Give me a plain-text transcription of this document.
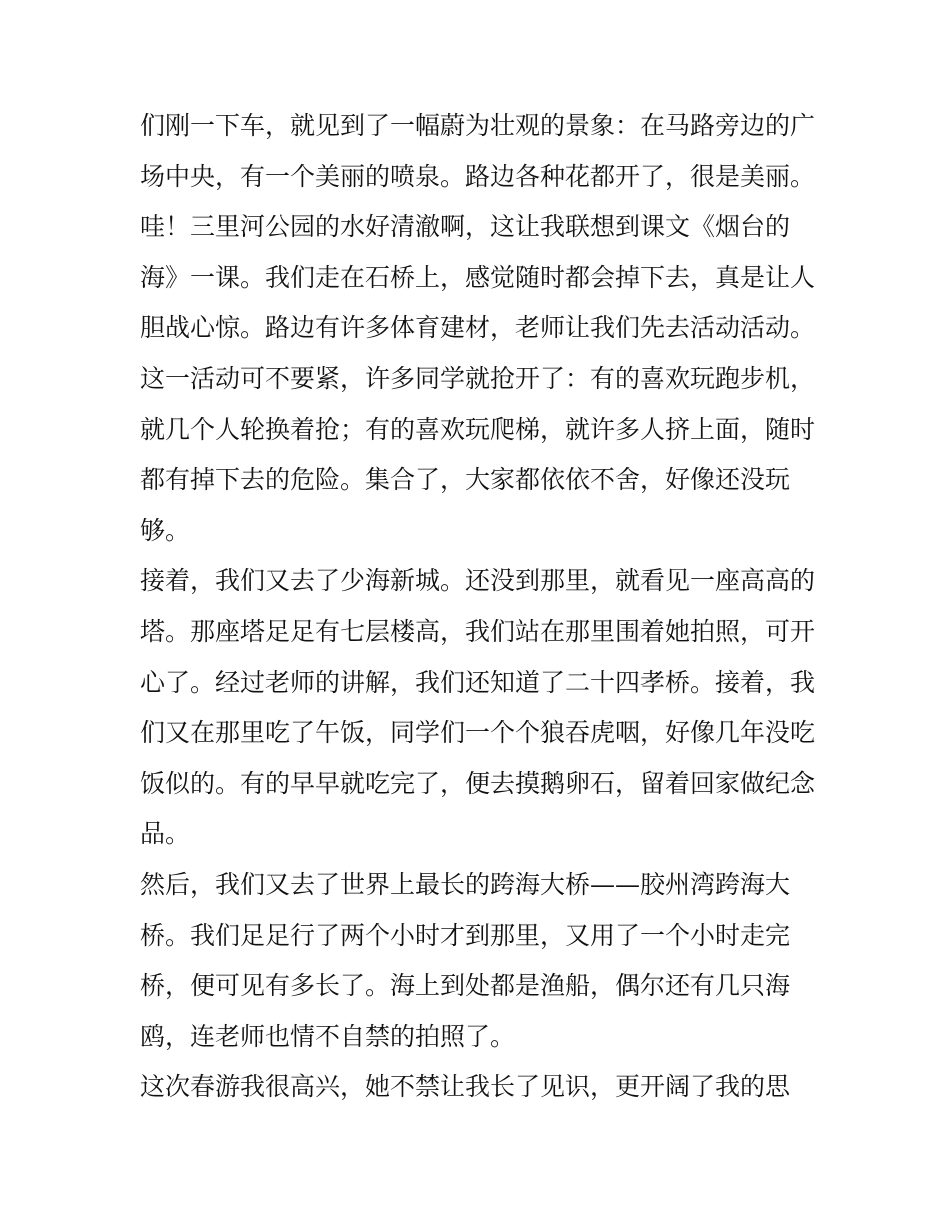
们刚一下车，就见到了一幅蔚为壮观的景象：在马路旁边的广
场中央，有一个美丽的喷泉。路边各种花都开了，很是美丽。
哇！三里河公园的水好清澈啊，这让我联想到课文《烟台的
海》一课。我们走在石桥上，感觉随时都会掉下去，真是让人
胆战心惊。路边有许多体育建材，老师让我们先去活动活动。
这一活动可不要紧，许多同学就抢开了：有的喜欢玩跑步机，
就几个人轮换着抢；有的喜欢玩爬梯，就许多人挤上面，随时
都有掉下去的危险。集合了，大家都依依不舍，好像还没玩
够。
接着，我们又去了少海新城。还没到那里，就看见一座高高的
塔。那座塔足足有七层楼高，我们站在那里围着她拍照，可开
心了。经过老师的讲解，我们还知道了二十四孝桥。接着，我
们又在那里吃了午饭，同学们一个个狼吞虎咽，好像几年没吃
饭似的。有的早早就吃完了，便去摸鹅卵石，留着回家做纪念
品。
然后，我们又去了世界上最长的跨海大桥——胶州湾跨海大
桥。我们足足行了两个小时才到那里，又用了一个小时走完
桥，便可见有多长了。海上到处都是渔船，偶尔还有几只海
鸥，连老师也情不自禁的拍照了。
这次春游我很高兴，她不禁让我长了见识，更开阔了我的思
